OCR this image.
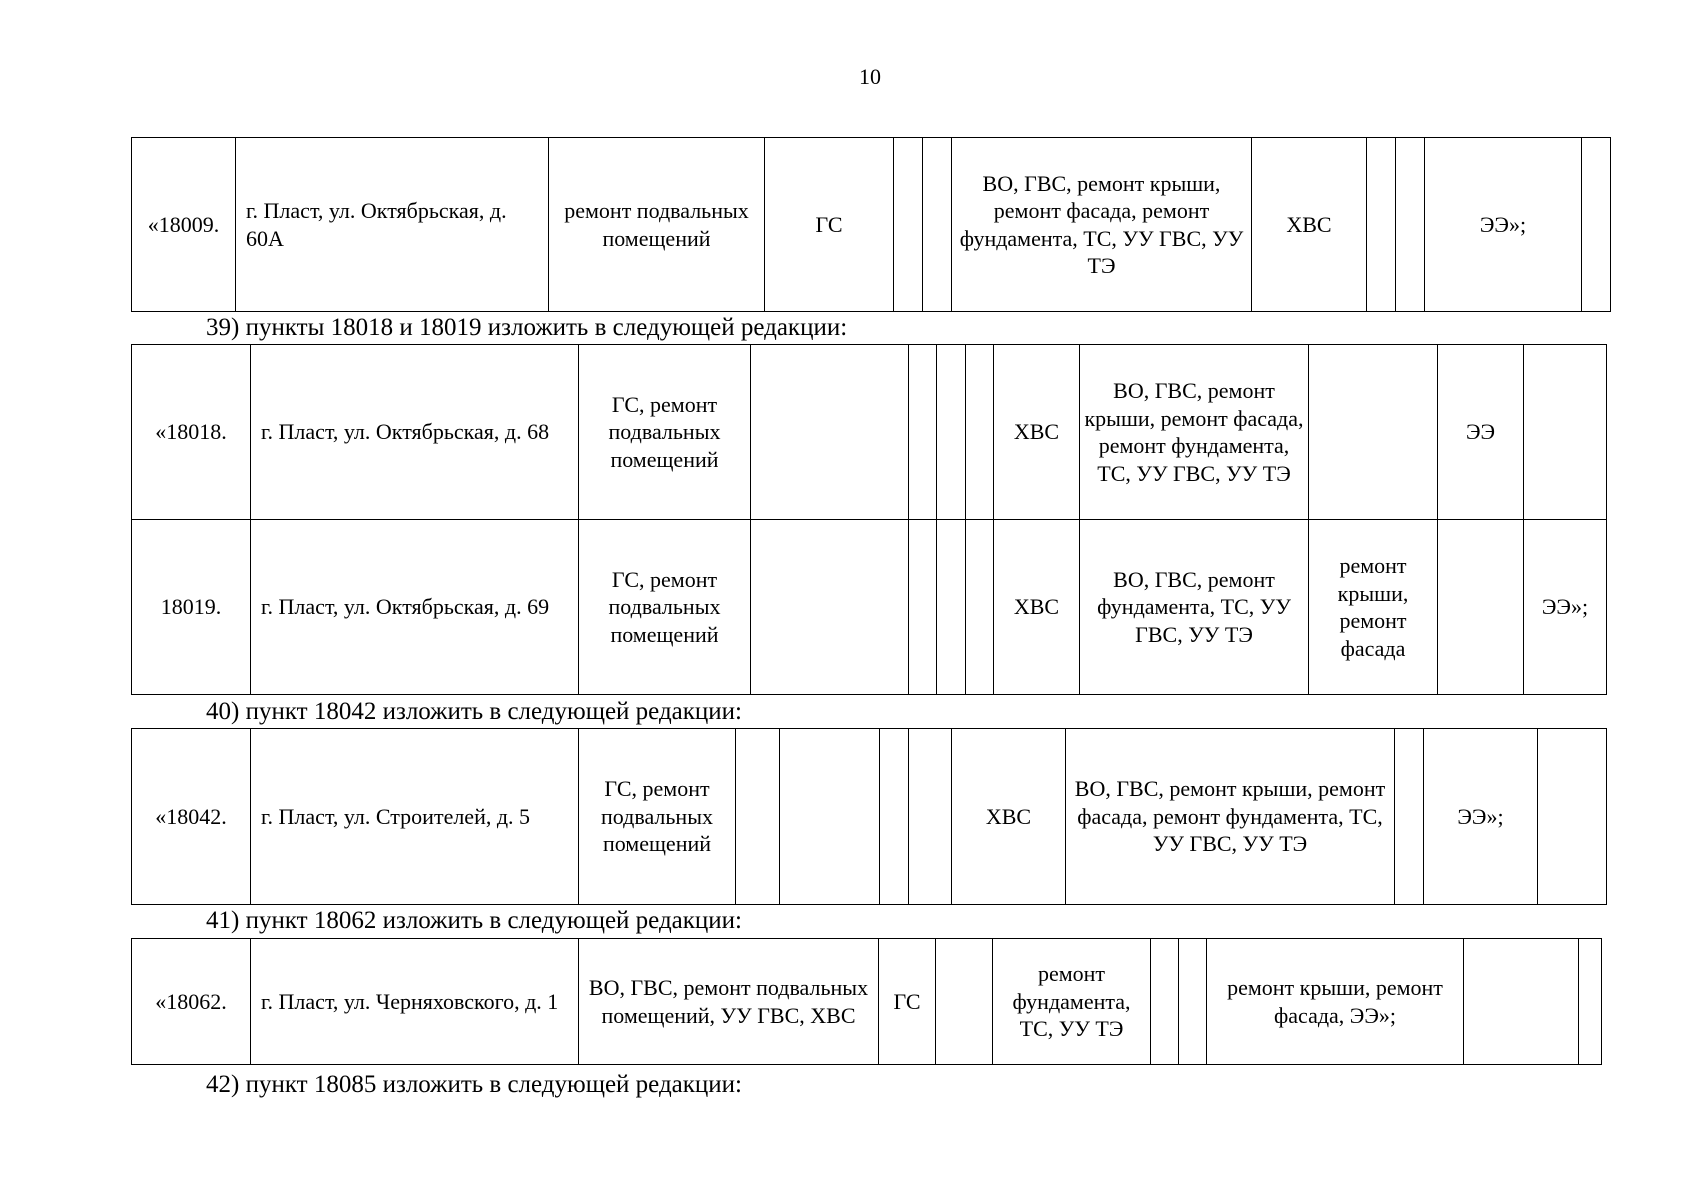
10
«18009.	г. Пласт, ул. Октябрьская, д. 60А	ремонт подвальных помещений	ГС			ВО, ГВС, ремонт крыши, ремонт фасада, ремонт фундамента, ТС, УУ ГВС, УУ ТЭ	ХВС			ЭЭ»;	
39) пункты 18018 и 18019 изложить в следующей редакции:
«18018.	г. Пласт, ул. Октябрьская, д. 68	ГС, ремонт подвальных помещений					ХВС	ВО, ГВС, ремонт крыши, ремонт фасада, ремонт фундамента, ТС, УУ ГВС, УУ ТЭ		ЭЭ	
18019.	г. Пласт, ул. Октябрьская, д. 69	ГС, ремонт подвальных помещений					ХВС	ВО, ГВС, ремонт фундамента, ТС, УУ ГВС, УУ ТЭ	ремонт крыши, ремонт фасада		ЭЭ»;
40) пункт 18042 изложить в следующей редакции:
«18042.	г. Пласт, ул. Строителей, д. 5	ГС, ремонт подвальных помещений					ХВС	ВО, ГВС, ремонт крыши, ремонт фасада, ремонт фундамента, ТС, УУ ГВС, УУ ТЭ		ЭЭ»;	
41) пункт 18062 изложить в следующей редакции:
«18062.	г. Пласт, ул. Черняховского, д. 1	ВО, ГВС, ремонт подвальных помещений, УУ ГВС, ХВС	ГС		ремонт фундамента, ТС, УУ ТЭ			ремонт крыши, ремонт фасада, ЭЭ»;		
42) пункт 18085 изложить в следующей редакции:
